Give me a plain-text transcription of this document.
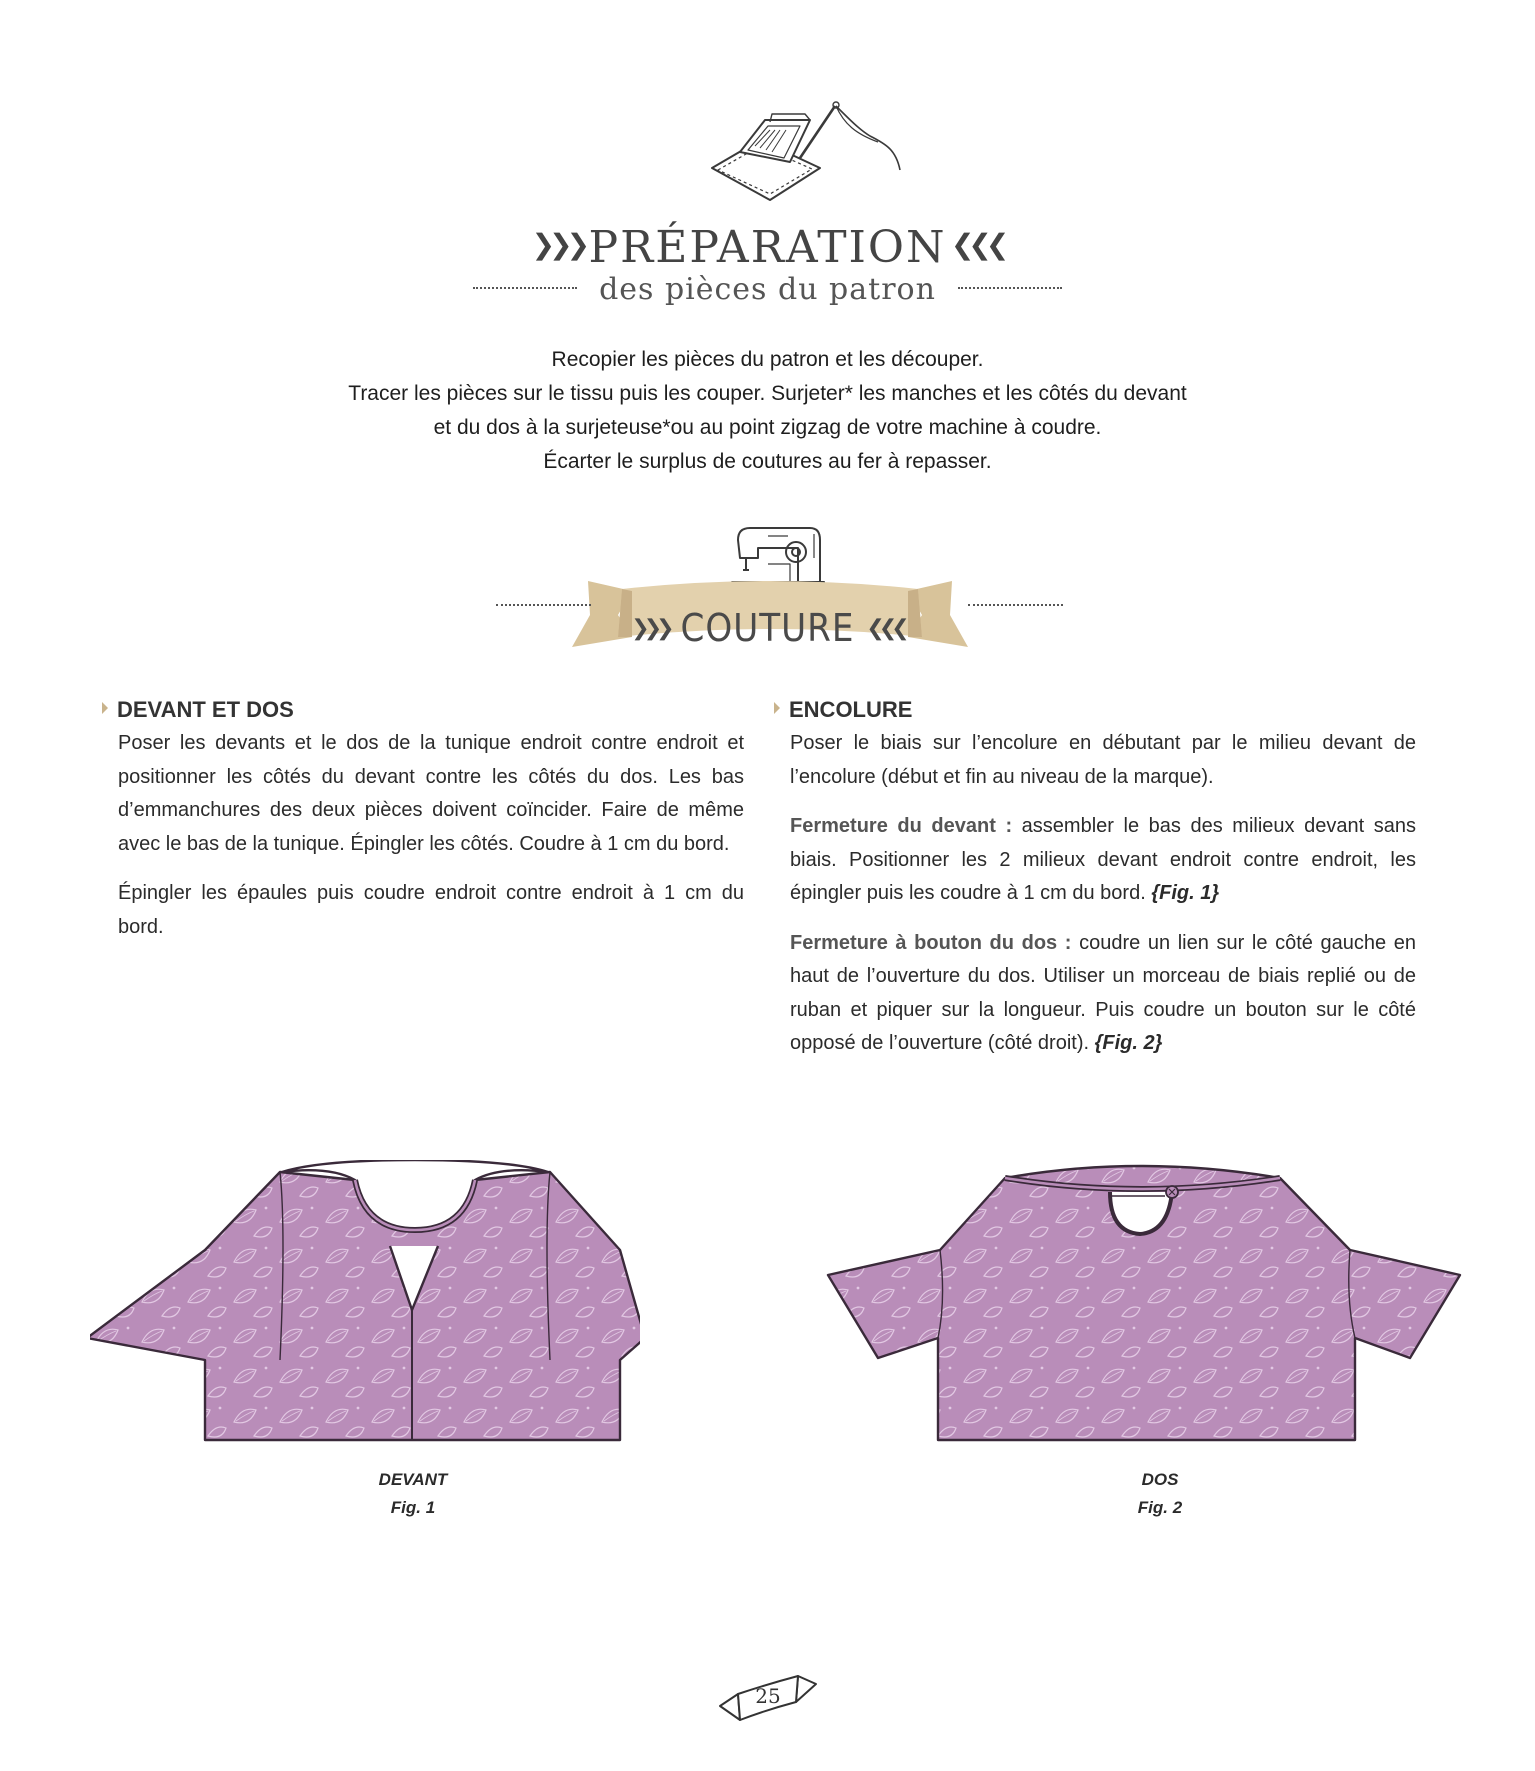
❯❯❯ PRÉPARATION ❮❮❮
des pièces du patron

Recopier les pièces du patron et les découper.

Tracer les pièces sur le tissu puis les couper. Surjeter* les manches et les côtés du devant

et du dos à la surjeteuse*ou au point zigzag de votre machine à coudre.

Écarter le surplus de coutures au fer à repasser.

❯❯❯ COUTURE ❮❮❮
DEVANT ET DOS

Poser les devants et le dos de la tunique endroit contre endroit et positionner les côtés du devant contre les côtés du dos. Les bas d’emmanchures des deux pièces doivent coïncider. Faire de même avec le bas de la tunique. Épingler les côtés. Coudre à 1 cm du bord.

Épingler les épaules puis coudre endroit contre endroit à 1 cm du bord.

ENCOLURE

Poser le biais sur l’encolure en débutant par le milieu devant de l’encolure (début et fin au niveau de la marque).

Fermeture du devant : assembler le bas des milieux devant sans biais. Positionner les 2 milieux devant endroit contre endroit, les épingler puis les coudre à 1 cm du bord. {Fig. 1}

Fermeture à bouton du dos : coudre un lien sur le côté gauche en haut de l’ouverture du dos. Utiliser un morceau de biais replié ou de ruban et piquer sur la longueur. Puis coudre un bouton sur le côté opposé de l’ouverture (côté droit). {Fig. 2}

DEVANT
Fig. 1
DOS
Fig. 2
25
